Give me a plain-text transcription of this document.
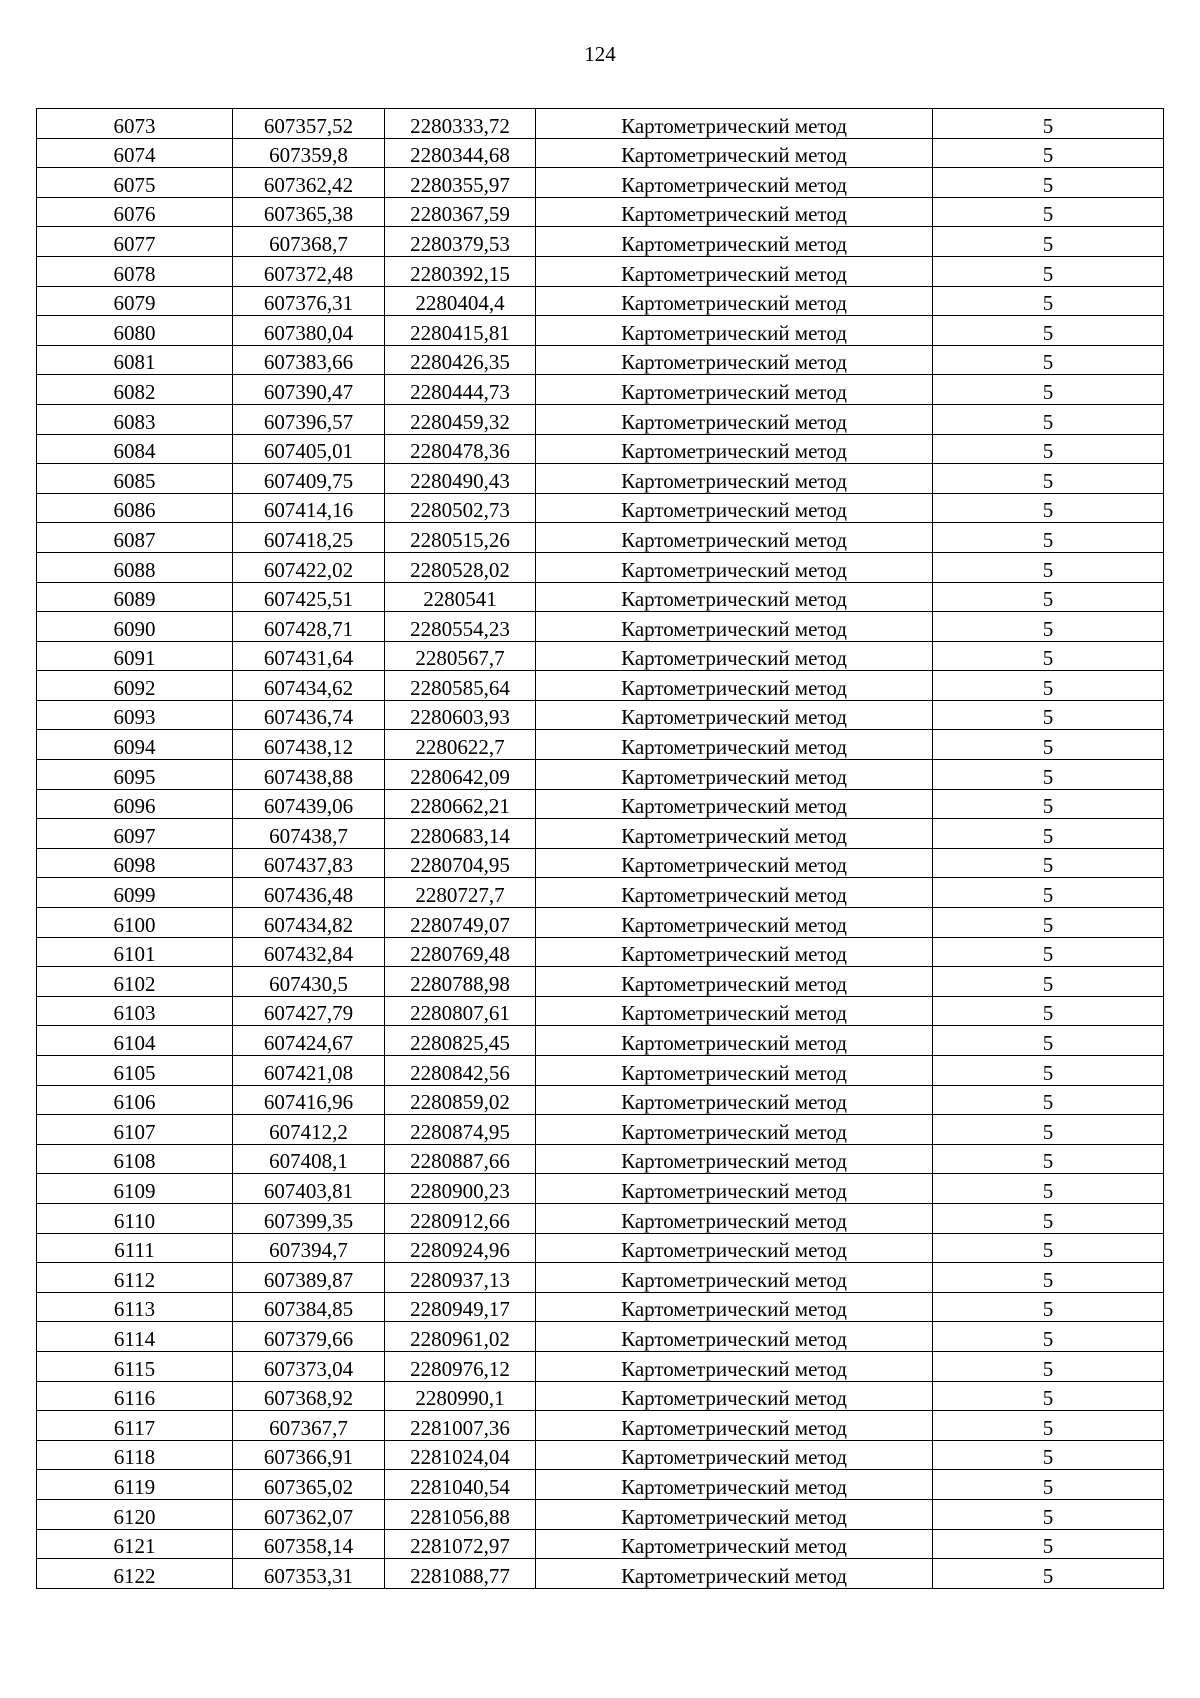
124
6073	607357,52	2280333,72	Картометрический метод	5
6074	607359,8	2280344,68	Картометрический метод	5
6075	607362,42	2280355,97	Картометрический метод	5
6076	607365,38	2280367,59	Картометрический метод	5
6077	607368,7	2280379,53	Картометрический метод	5
6078	607372,48	2280392,15	Картометрический метод	5
6079	607376,31	2280404,4	Картометрический метод	5
6080	607380,04	2280415,81	Картометрический метод	5
6081	607383,66	2280426,35	Картометрический метод	5
6082	607390,47	2280444,73	Картометрический метод	5
6083	607396,57	2280459,32	Картометрический метод	5
6084	607405,01	2280478,36	Картометрический метод	5
6085	607409,75	2280490,43	Картометрический метод	5
6086	607414,16	2280502,73	Картометрический метод	5
6087	607418,25	2280515,26	Картометрический метод	5
6088	607422,02	2280528,02	Картометрический метод	5
6089	607425,51	2280541	Картометрический метод	5
6090	607428,71	2280554,23	Картометрический метод	5
6091	607431,64	2280567,7	Картометрический метод	5
6092	607434,62	2280585,64	Картометрический метод	5
6093	607436,74	2280603,93	Картометрический метод	5
6094	607438,12	2280622,7	Картометрический метод	5
6095	607438,88	2280642,09	Картометрический метод	5
6096	607439,06	2280662,21	Картометрический метод	5
6097	607438,7	2280683,14	Картометрический метод	5
6098	607437,83	2280704,95	Картометрический метод	5
6099	607436,48	2280727,7	Картометрический метод	5
6100	607434,82	2280749,07	Картометрический метод	5
6101	607432,84	2280769,48	Картометрический метод	5
6102	607430,5	2280788,98	Картометрический метод	5
6103	607427,79	2280807,61	Картометрический метод	5
6104	607424,67	2280825,45	Картометрический метод	5
6105	607421,08	2280842,56	Картометрический метод	5
6106	607416,96	2280859,02	Картометрический метод	5
6107	607412,2	2280874,95	Картометрический метод	5
6108	607408,1	2280887,66	Картометрический метод	5
6109	607403,81	2280900,23	Картометрический метод	5
6110	607399,35	2280912,66	Картометрический метод	5
6111	607394,7	2280924,96	Картометрический метод	5
6112	607389,87	2280937,13	Картометрический метод	5
6113	607384,85	2280949,17	Картометрический метод	5
6114	607379,66	2280961,02	Картометрический метод	5
6115	607373,04	2280976,12	Картометрический метод	5
6116	607368,92	2280990,1	Картометрический метод	5
6117	607367,7	2281007,36	Картометрический метод	5
6118	607366,91	2281024,04	Картометрический метод	5
6119	607365,02	2281040,54	Картометрический метод	5
6120	607362,07	2281056,88	Картометрический метод	5
6121	607358,14	2281072,97	Картометрический метод	5
6122	607353,31	2281088,77	Картометрический метод	5
